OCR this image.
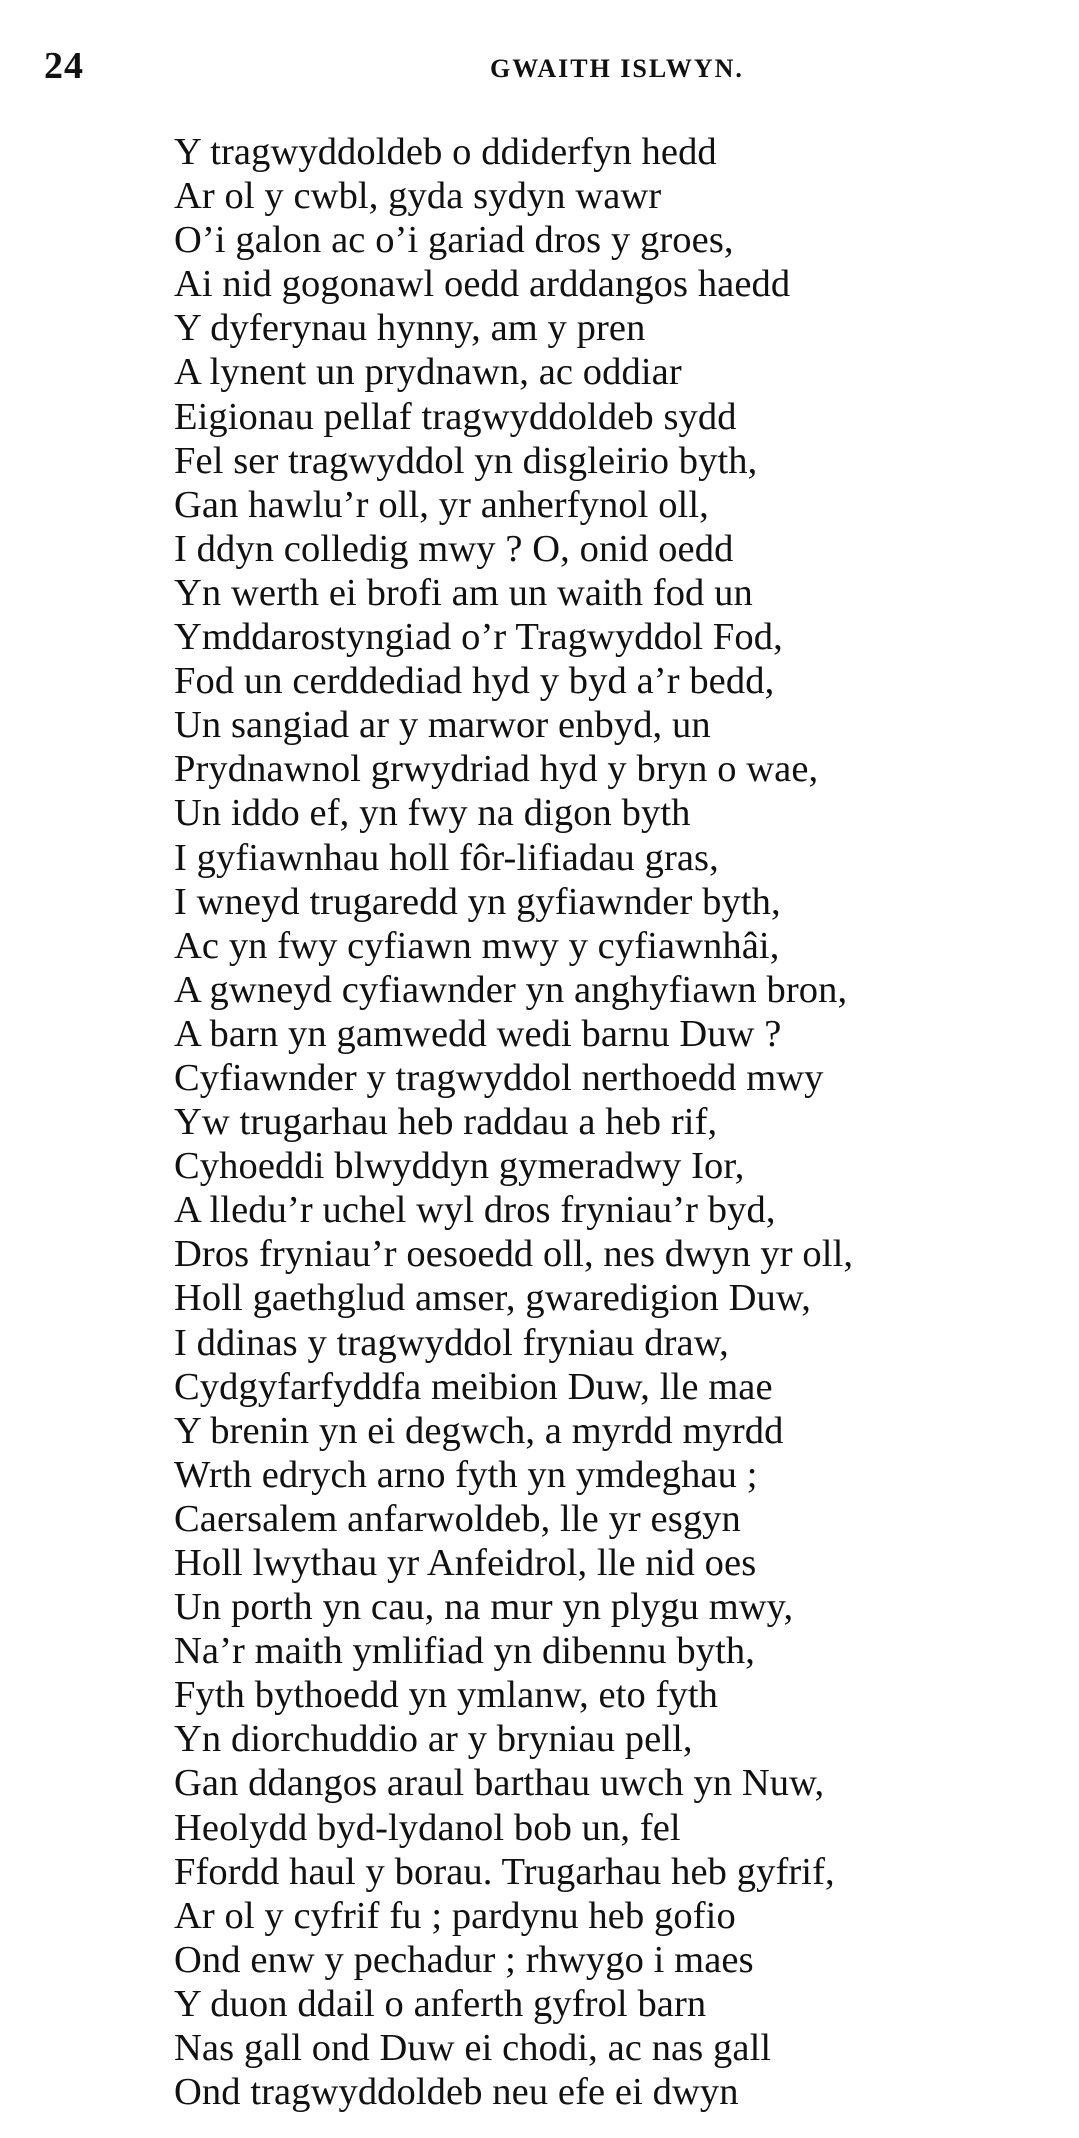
24	GWAITH ISLWYN.
Y tragwyddoldeb o ddiderfyn hedd
Ar ol y cwbl, gyda sydyn wawr
O’i galon ac o’i gariad dros y groes,
Ai nid gogonawl oedd arddangos haedd
Y dyferynau hynny, am y pren
A lynent un prydnawn, ac oddiar
Eigionau pellaf tragwyddoldeb sydd
Fel ser tragwyddol yn disgleirio byth,
Gan hawlu’r oll, yr anherfynol oll,
I ddyn colledig mwy ? O, onid oedd
Yn werth ei brofi am un waith fod un
Ymddarostyngiad o’r Tragwyddol Fod,
Fod un cerddediad hyd y byd a’r bedd,
Un sangiad ar y marwor enbyd, un
Prydnawnol grwydriad hyd y bryn o wae,
Un iddo ef, yn fwy na digon byth
I gyfiawnhau holl fôr-lifiadau gras,
I wneyd trugaredd yn gyfiawnder byth,
Ac yn fwy cyfiawn mwy y cyfiawnhâi,
A gwneyd cyfiawnder yn anghyfiawn bron,
A barn yn gamwedd wedi barnu Duw ?
Cyfiawnder y tragwyddol nerthoedd mwy
Yw trugarhau heb raddau a heb rif,
Cyhoeddi blwyddyn gymeradwy Ior,
A lledu’r uchel wyl dros fryniau’r byd,
Dros fryniau’r oesoedd oll, nes dwyn yr oll,
Holl gaethglud amser, gwaredigion Duw,
I ddinas y tragwyddol fryniau draw,
Cydgyfarfyddfa meibion Duw, lle mae
Y brenin yn ei degwch, a myrdd myrdd
Wrth edrych arno fyth yn ymdeghau ;
Caersalem anfarwoldeb, lle yr esgyn
Holl lwythau yr Anfeidrol, lle nid oes
Un porth yn cau, na mur yn plygu mwy,
Na’r maith ymlifiad yn dibennu byth,
Fyth bythoedd yn ymlanw, eto fyth
Yn diorchuddio ar y bryniau pell,
Gan ddangos araul barthau uwch yn Nuw,
Heolydd byd-lydanol bob un, fel
Ffordd haul y borau. Trugarhau heb gyfrif,
Ar ol y cyfrif fu ; pardynu heb gofio
Ond enw y pechadur ; rhwygo i maes
Y duon ddail o anferth gyfrol barn
Nas gall ond Duw ei chodi, ac nas gall
Ond tragwyddoldeb neu efe ei dwyn
